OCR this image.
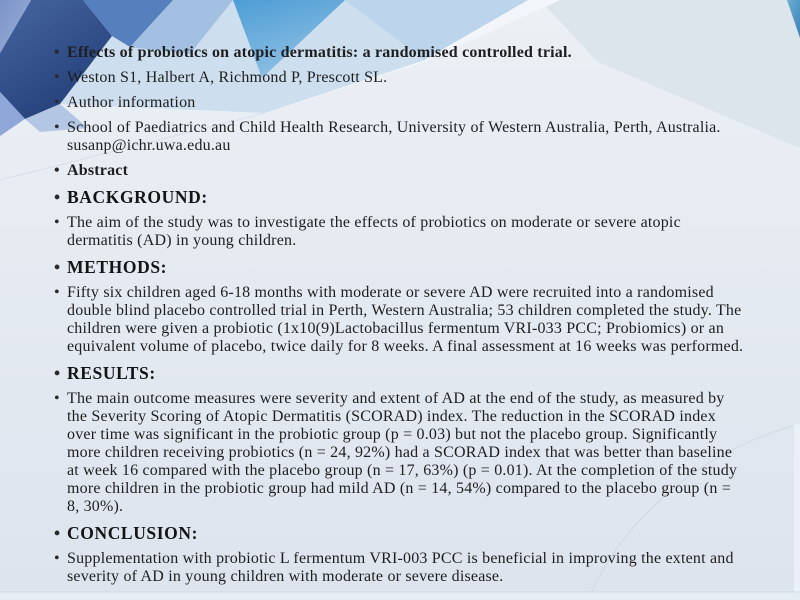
• Effects of probiotics on atopic dermatitis: a randomised controlled trial.
• Weston S1, Halbert A, Richmond P, Prescott SL.
• Author information
• School of Paediatrics and Child Health Research, University of Western Australia, Perth, Australia. susanp@ichr.uwa.edu.au
• Abstract
• BACKGROUND:
• The aim of the study was to investigate the effects of probiotics on moderate or severe atopic dermatitis (AD) in young children.
• METHODS:
• Fifty six children aged 6-18 months with moderate or severe AD were recruited into a randomised double blind placebo controlled trial in Perth, Western Australia; 53 children completed the study. The children were given a probiotic (1x10(9)Lactobacillus fermentum VRI-033 PCC; Probiomics) or an equivalent volume of placebo, twice daily for 8 weeks. A final assessment at 16 weeks was performed.
• RESULTS:
• The main outcome measures were severity and extent of AD at the end of the study, as measured by the Severity Scoring of Atopic Dermatitis (SCORAD) index. The reduction in the SCORAD index over time was significant in the probiotic group (p = 0.03) but not the placebo group. Significantly more children receiving probiotics (n = 24, 92%) had a SCORAD index that was better than baseline at week 16 compared with the placebo group (n = 17, 63%) (p = 0.01). At the completion of the study more children in the probiotic group had mild AD (n = 14, 54%) compared to the placebo group (n = 8, 30%).
• CONCLUSION:
• Supplementation with probiotic L fermentum VRI-003 PCC is beneficial in improving the extent and severity of AD in young children with moderate or severe disease.
